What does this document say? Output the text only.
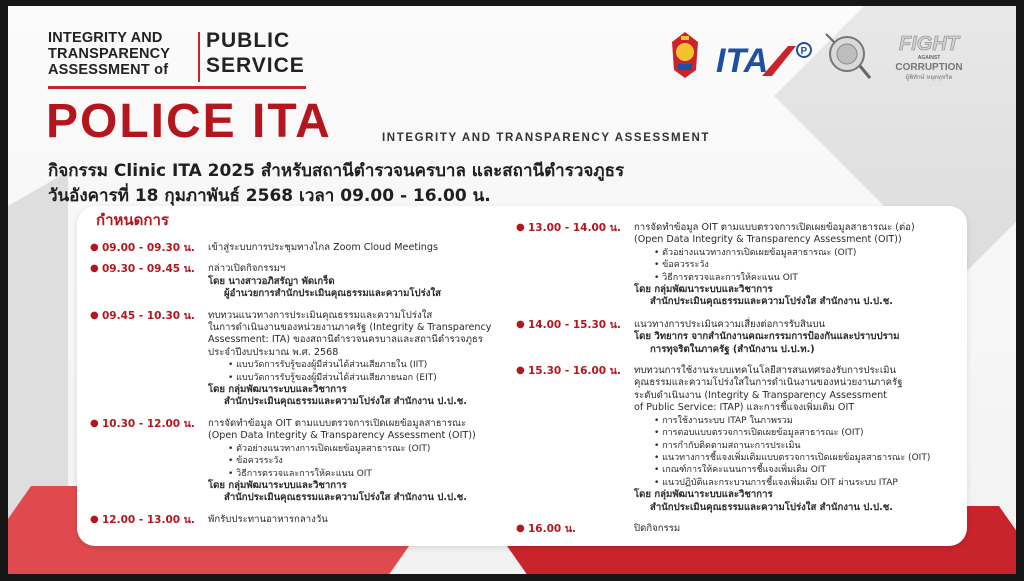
INTEGRITY AND
TRANSPARENCY
ASSESSMENT of
PUBLIC
SERVICE
POLICE ITA	INTEGRITY AND TRANSPARENCY ASSESSMENT
กิจกรรม Clinic ITA 2025 สำหรับสถานีตำรวจนครบาล และสถานีตำรวจภูธร
วันอังคารที่ 18 กุมภาพันธ์ 2568 เวลา 09.00 - 16.00 น.
ITA	P	FIGHT
AGAINST
CORRUPTION
ผู้พิทักษ์ หยุดทุจริต
กำหนดการ
● 09.00 - 09.30 น.	เข้าสู่ระบบการประชุมทางไกล Zoom Cloud Meetings
● 09.30 - 09.45 น.	กล่าวเปิดกิจกรรมฯ
โดย นางสาวอภิสรัญา พัดเกร็ด
ผู้อำนวยการสำนักประเมินคุณธรรมและความโปร่งใส
● 09.45 - 10.30 น.	ทบทวนแนวทางการประเมินคุณธรรมและความโปร่งใส
ในการดำเนินงานของหน่วยงานภาครัฐ (Integrity & Transparency
Assessment: ITA) ของสถานีตำรวจนครบาลและสถานีตำรวจภูธร
ประจำปีงบประมาณ พ.ศ. 2568
• แบบวัดการรับรู้ของผู้มีส่วนได้ส่วนเสียภายใน (IIT)
• แบบวัดการรับรู้ของผู้มีส่วนได้ส่วนเสียภายนอก (EIT)
โดย กลุ่มพัฒนาระบบและวิชาการ
สำนักประเมินคุณธรรมและความโปร่งใส สำนักงาน ป.ป.ช.
● 10.30 - 12.00 น.	การจัดทำข้อมูล OIT ตามแบบตรวจการเปิดเผยข้อมูลสาธารณะ
(Open Data Integrity & Transparency Assessment (OIT))
• ตัวอย่างแนวทางการเปิดเผยข้อมูลสาธารณะ (OIT)
• ข้อควรระวัง
• วิธีการตรวจและการให้คะแนน OIT
โดย กลุ่มพัฒนาระบบและวิชาการ
สำนักประเมินคุณธรรมและความโปร่งใส สำนักงาน ป.ป.ช.
● 12.00 - 13.00 น.	พักรับประทานอาหารกลางวัน
● 13.00 - 14.00 น.	การจัดทำข้อมูล OIT ตามแบบตรวจการเปิดเผยข้อมูลสาธารณะ (ต่อ)
(Open Data Integrity & Transparency Assessment (OIT))
• ตัวอย่างแนวทางการเปิดเผยข้อมูลสาธารณะ (OIT)
• ข้อควรระวัง
• วิธีการตรวจและการให้คะแนน OIT
โดย กลุ่มพัฒนาระบบและวิชาการ
สำนักประเมินคุณธรรมและความโปร่งใส สำนักงาน ป.ป.ช.
● 14.00 - 15.30 น.	แนวทางการประเมินความเสี่ยงต่อการรับสินบน
โดย วิทยากร จากสำนักงานคณะกรรมการป้องกันและปราบปราม
การทุจริตในภาครัฐ (สำนักงาน ป.ป.ท.)
● 15.30 - 16.00 น.	ทบทวนการใช้งานระบบเทคโนโลยีสารสนเทศรองรับการประเมิน
คุณธรรมและความโปร่งใสในการดำเนินงานของหน่วยงานภาครัฐ
ระดับดำเนินงาน (Integrity & Transparency Assessment
of Public Service: ITAP) และการชี้แจงเพิ่มเติม OIT
• การใช้งานระบบ ITAP ในภาพรวม
• การตอบแบบตรวจการเปิดเผยข้อมูลสาธารณะ (OIT)
• การกำกับติดตามสถานะการประเมิน
• แนวทางการชี้แจงเพิ่มเติมแบบตรวจการเปิดเผยข้อมูลสาธารณะ (OIT)
• เกณฑ์การให้คะแนนการชี้แจงเพิ่มเติม OIT
• แนวปฏิบัติและกระบวนการชี้แจงเพิ่มเติม OIT ผ่านระบบ ITAP
โดย กลุ่มพัฒนาระบบและวิชาการ
สำนักประเมินคุณธรรมและความโปร่งใส สำนักงาน ป.ป.ช.
● 16.00 น.	ปิดกิจกรรม
